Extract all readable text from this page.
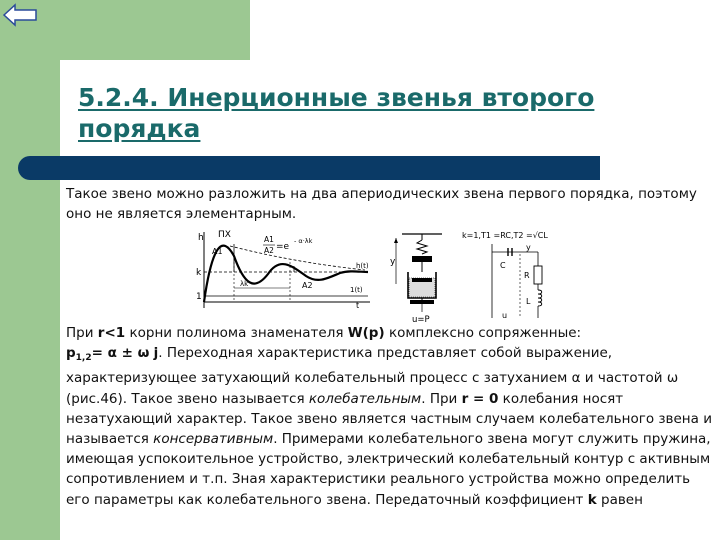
5.2.4. Инерционные звенья второго порядка
Такое звено можно разложить на два апериодических звена первого порядка, поэтому оно не является элементарным.
h ПХ
A1
A1
A2 =e
- α·λk
k
λk	A2
1
h(t)
1(t)
t
y
u=P
k=1,T1 =RC,T2 =√CL
y
C
R
L
u
При r<1 корни полинома знаменателя W(p) комплексно сопряженные:
$p_{1,2}= \alpha \pm \omega$ j. Переходная характеристика представляет собой выражение, характеризующее затухающий колебательный процесс с затуханием α и частотой ω (рис.46). Такое звено называется колебательным. При r = 0 колебания носят незатухающий характер. Такое звено является частным случаем колебательного звена и называется консервативным. Примерами колебательного звена могут служить пружина, имеющая успокоительное устройство, электрический колебательный контур с активным сопротивлением и т.п. Зная характеристики реального устройства можно определить его параметры как колебательного звена. Передаточный коэффициент k равен
